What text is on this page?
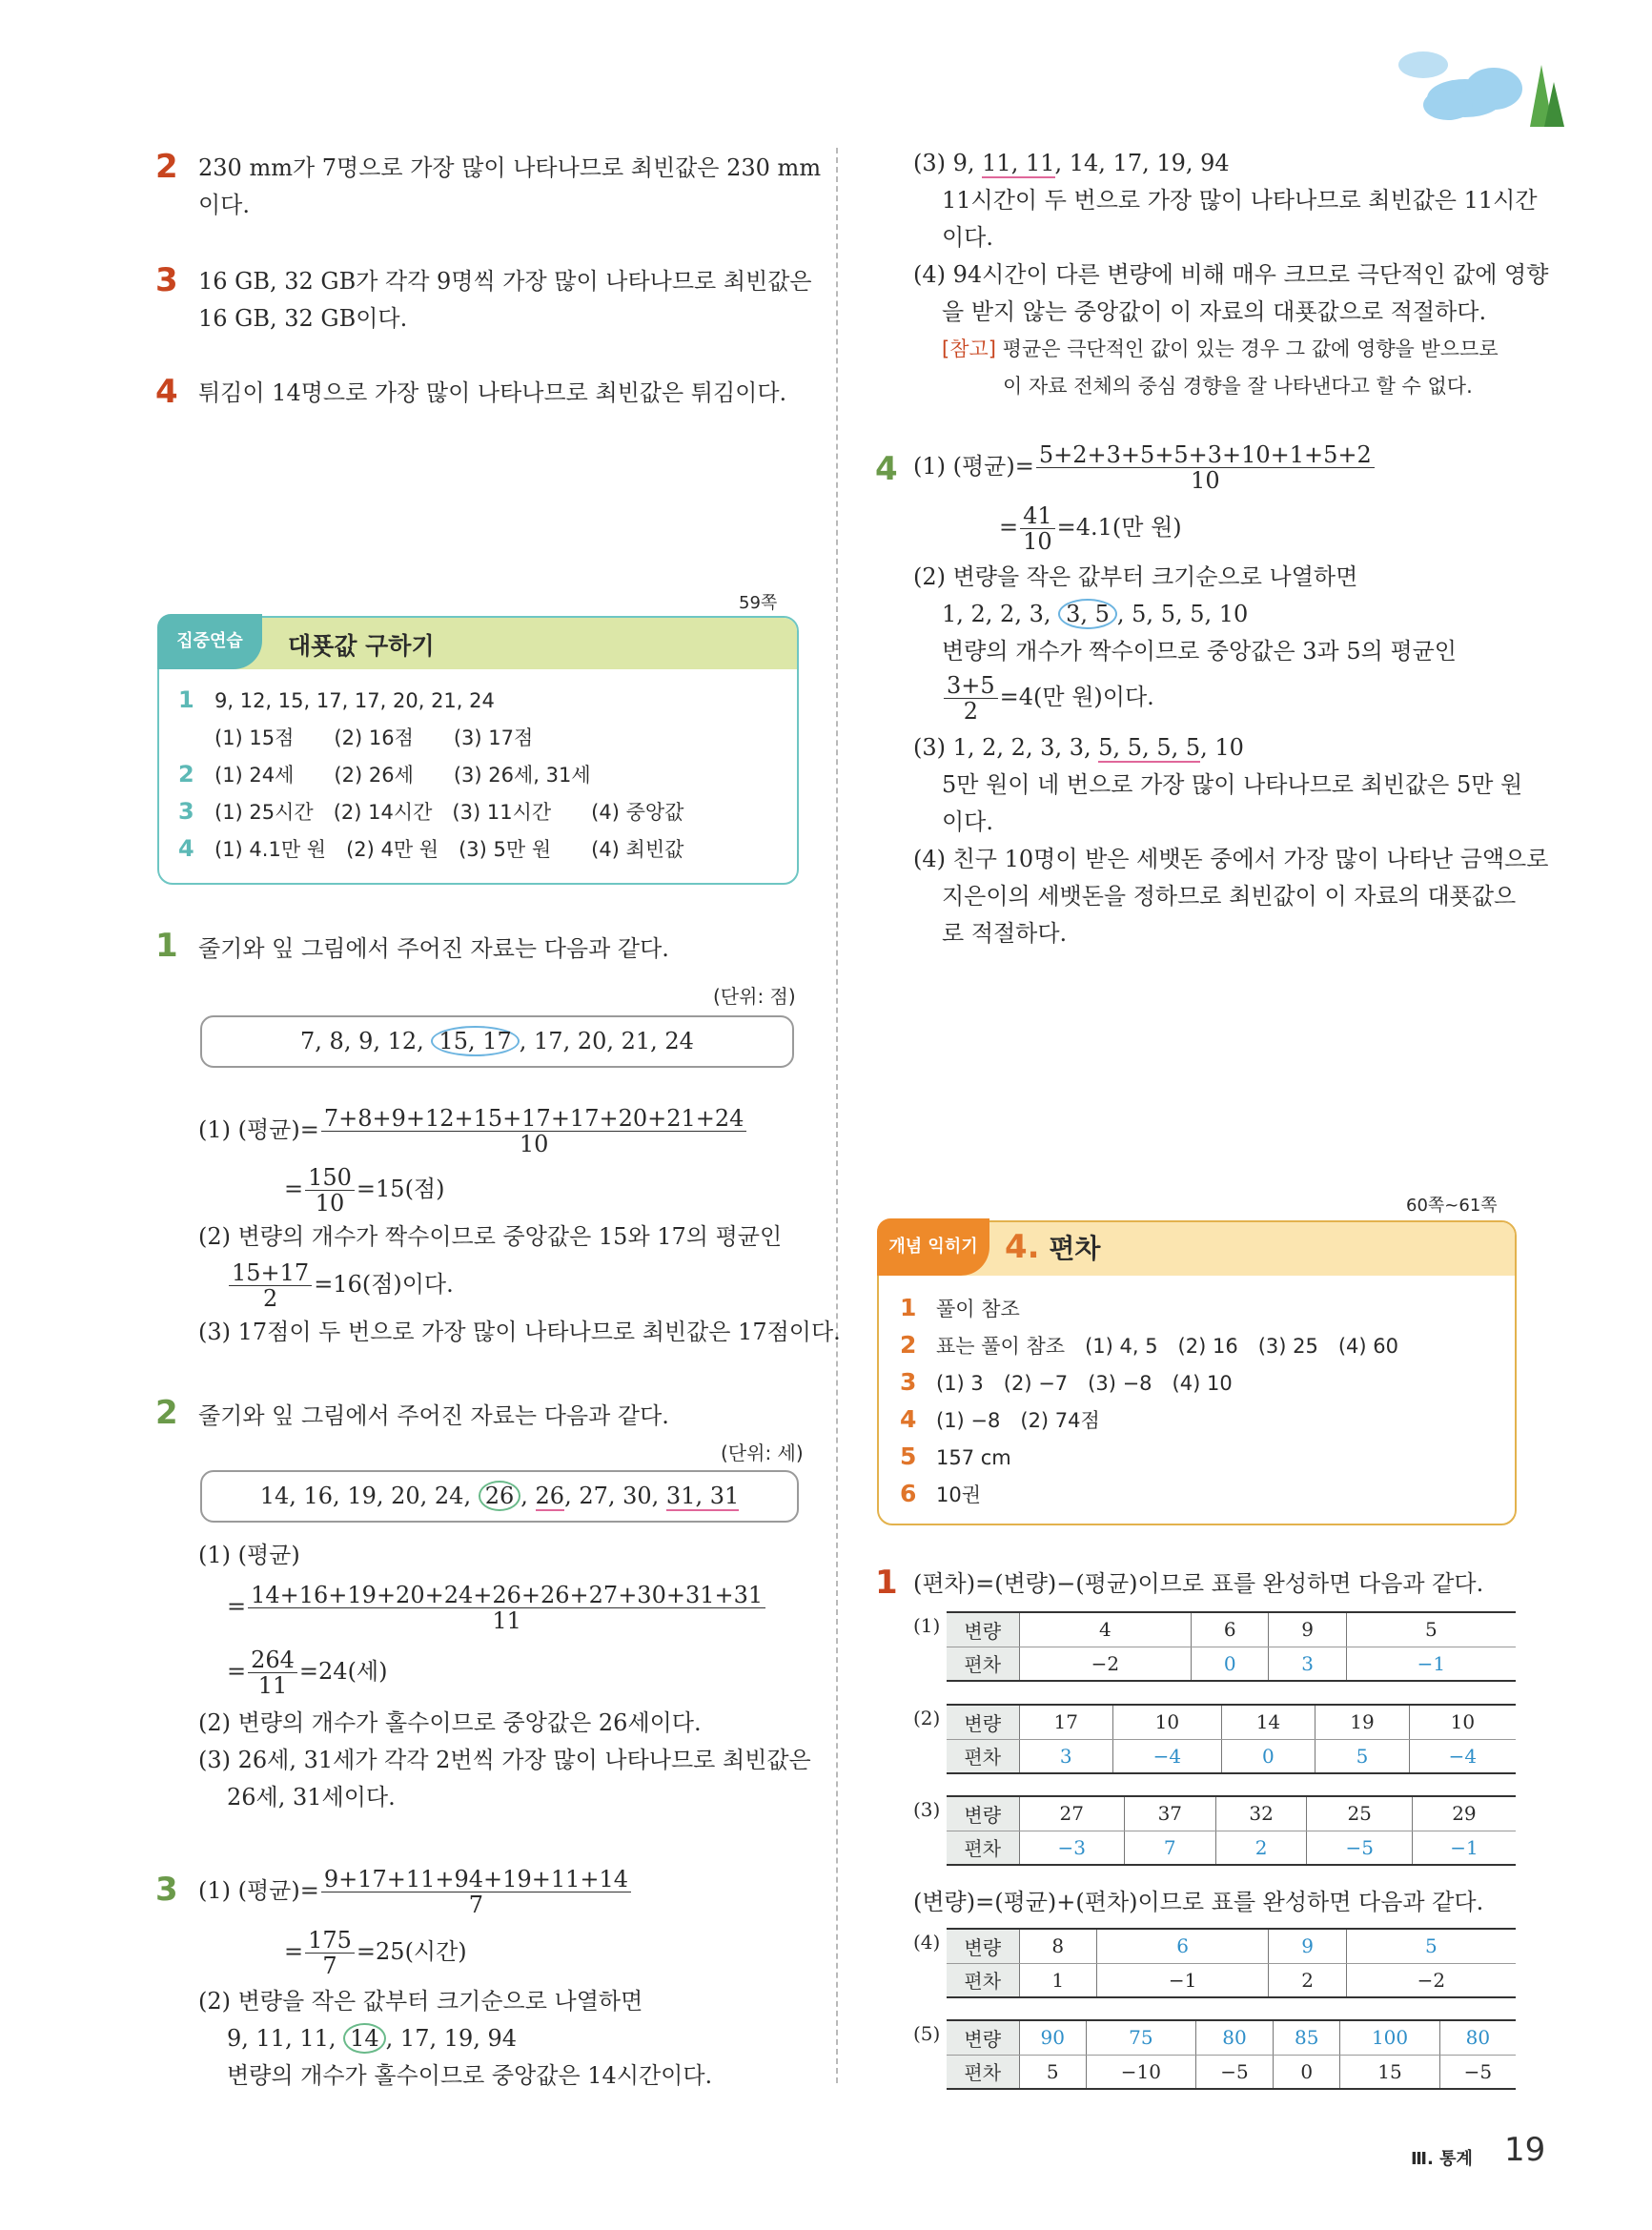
2 230 mm가 7명으로 가장 많이 나타나므로 최빈값은 230 mm
이다.
3 16 GB, 32 GB가 각각 9명씩 가장 많이 나타나므로 최빈값은
16 GB, 32 GB이다.
4 튀김이 14명으로 가장 많이 나타나므로 최빈값은 튀김이다.
59쪽
집중연습	대푯값 구하기
1 9, 12, 15, 17, 17, 20, 21, 24
(1) 15점　　(2) 16점　　(3) 17점
2 (1) 24세　　(2) 26세　　(3) 26세, 31세
3 (1) 25시간　(2) 14시간　(3) 11시간　　(4) 중앙값
4 (1) 4.1만 원　(2) 4만 원　(3) 5만 원　　(4) 최빈값
1 줄기와 잎 그림에서 주어진 자료는 다음과 같다.
(단위: 점)
7, 8, 9, 12, 15, 17 , 17, 20, 21, 24
(1) (평균)= $\frac{7+8+9+12+15+17+17+20+21+24}{10}$
= $\frac{150}{10} =15$(점)
(2) 변량의 개수가 짝수이므로 중앙값은 15와 17의 평균인
$\frac{15+17}{2} =16$(점)이다.
(3) 17점이 두 번으로 가장 많이 나타나므로 최빈값은 17점이다.
2 줄기와 잎 그림에서 주어진 자료는 다음과 같다.
(단위: 세)
14, 16, 19, 20, 24, 26 , 26, 27, 30, 31, 31
(1) (평균)
= $\frac{14+16+19+20+24+26+26+27+30+31+31}{11}$
= $\frac{264}{11} =24$(세)
(2) 변량의 개수가 홀수이므로 중앙값은 26세이다.
(3) 26세, 31세가 각각 2번씩 가장 많이 나타나므로 최빈값은
26세, 31세이다.
3 (1) (평균)= $\frac{9+17+11+94+19+11+14}{7}$
= $\frac{175}{7} =25$(시간)
(2) 변량을 작은 값부터 크기순으로 나열하면
9, 11, 11, 14 , 17, 19, 94
변량의 개수가 홀수이므로 중앙값은 14시간이다.
(3) 9, 11, 11, 14, 17, 19, 94
11시간이 두 번으로 가장 많이 나타나므로 최빈값은 11시간
이다.
(4) 94시간이 다른 변량에 비해 매우 크므로 극단적인 값에 영향
을 받지 않는 중앙값이 이 자료의 대푯값으로 적절하다.
[참고] 평균은 극단적인 값이 있는 경우 그 값에 영향을 받으므로
이 자료 전체의 중심 경향을 잘 나타낸다고 할 수 없다.
4 (1) (평균)= $\frac{5+2+3+5+5+3+10+1+5+2}{10}$
= $\frac{41}{10} =4.1$(만 원)
(2) 변량을 작은 값부터 크기순으로 나열하면
1, 2, 2, 3, 3, 5 , 5, 5, 5, 10
변량의 개수가 짝수이므로 중앙값은 3과 5의 평균인
$\frac{3+5}{2} =4$(만 원)이다.
(3) 1, 2, 2, 3, 3, 5, 5, 5, 5, 10
5만 원이 네 번으로 가장 많이 나타나므로 최빈값은 5만 원
이다.
(4) 친구 10명이 받은 세뱃돈 중에서 가장 많이 나타난 금액으로
지은이의 세뱃돈을 정하므로 최빈값이 이 자료의 대푯값으
로 적절하다.
60쪽~61쪽
개념 익히기 4. 편차
1 풀이 참조
2 표는 풀이 참조　(1) 4, 5　(2) 16　(3) 25　(4) 60
3 (1) 3　(2) −7　(3) −8　(4) 10
4 (1) −8　(2) 74점
5 157 cm
6 10권
1 (편차)=(변량)−(평균)이므로 표를 완성하면 다음과 같다.
(1) 변량	4	6	9	5
편차	−2	0	3	−1
(2) 변량	17	10	14	19	10
편차	3	−4	0	5	−4
(3) 변량	27	37	32	25	29
편차	−3	7	2	−5	−1
(변량)=(평균)+(편차)이므로 표를 완성하면 다음과 같다.
(4) 변량	8	6	9	5
편차	1	−1	2	−2
(5) 변량	90	75	80	85	100	80
편차	5	−10	−5	0	15	−5
Ⅲ. 통계 19
